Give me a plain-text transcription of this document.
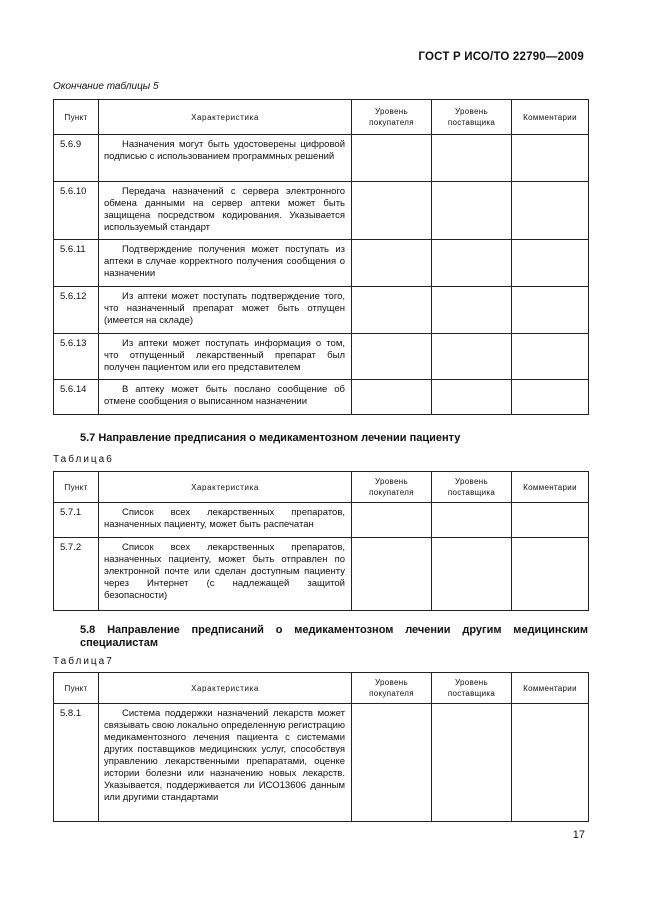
ГОСТ Р ИСО/ТО 22790—2009
Окончание таблицы 5
Пункт	Характеристика	Уровень покупателя	Уровень поставщика	Комментарии
5.6.9	Назначения могут быть удостоверены цифровой подписью с использованием программных решений			
5.6.10	Передача назначений с сервера электронного обмена данными на сервер аптеки может быть защищена посредством кодирования. Указывается используемый стандарт			
5.6.11	Подтверждение получения может поступать из аптеки в случае корректного получения сообщения о назначении			
5.6.12	Из аптеки может поступать подтверждение того, что назначенный препарат может быть отпущен (имеется на складе)			
5.6.13	Из аптеки может поступать информация о том, что отпущенный лекарственный препарат был получен пациентом или его представителем			
5.6.14	В аптеку может быть послано сообщение об отмене сообщения о выписанном назначении			
5.7 Направление предписания о медикаментозном лечении пациенту
Таблица6
Пункт	Характеристика	Уровень покупателя	Уровень поставщика	Комментарии
5.7.1	Список всех лекарственных препаратов, назначенных пациенту, может быть распечатан			
5.7.2	Список всех лекарственных препаратов, назначенных пациенту, может быть отправлен по электронной почте или сделан доступным пациенту через Интернет (с надлежащей защитой безопасности)			
5.8 Направление предписаний о медикаментозном лечении другим медицинским специалистам
Таблица7
Пункт	Характеристика	Уровень покупателя	Уровень поставщика	Комментарии
5.8.1	Система поддержки назначений лекарств может связывать свою локально определенную регистрацию медикаментозного лечения пациента с системами других поставщиков медицинских услуг, способствуя управлению лекарственными препаратами, оценке истории болезни или назначению новых лекарств. Указывается, поддерживается ли ИСО13606 данным или другими стандартами			
17
